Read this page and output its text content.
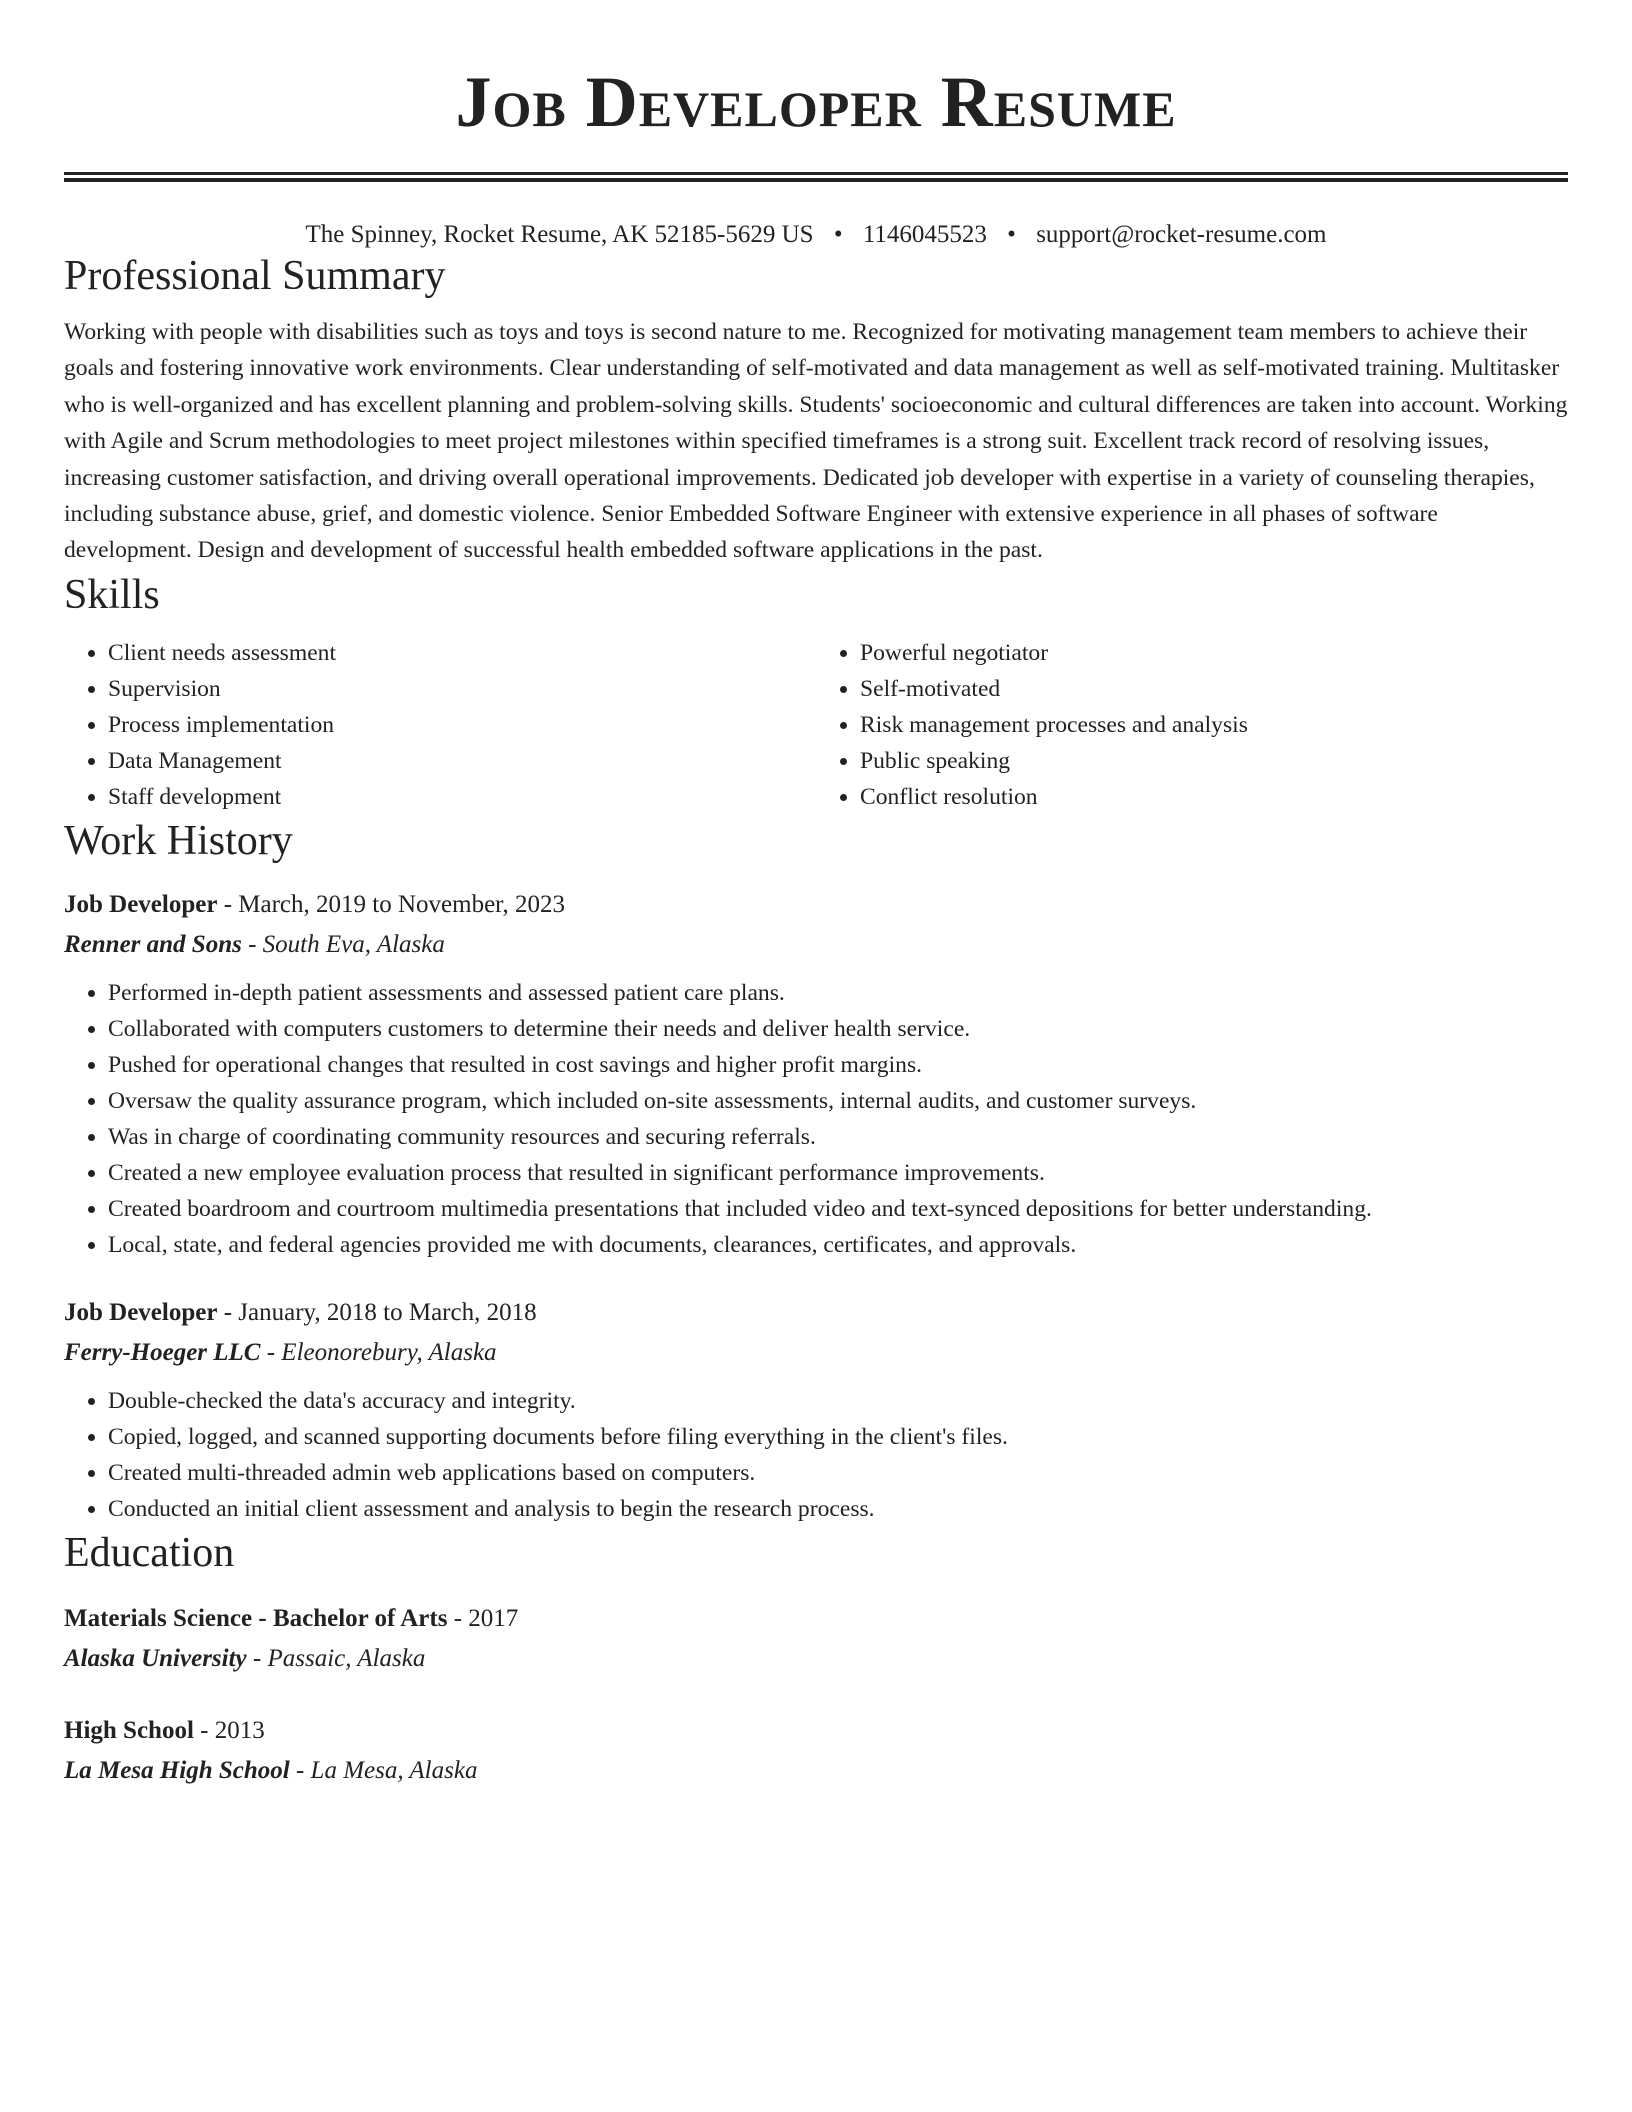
Job Developer Resume
The Spinney, Rocket Resume, AK 52185-5629 US • 1146045523 • support@rocket-resume.com
Professional Summary

Working with people with disabilities such as toys and toys is second nature to me. Recognized for motivating management team members to achieve their goals and fostering innovative work environments. Clear understanding of self-motivated and data management as well as self-motivated training. Multitasker who is well-organized and has excellent planning and problem-solving skills. Students' socioeconomic and cultural differences are taken into account. Working with Agile and Scrum methodologies to meet project milestones within specified timeframes is a strong suit. Excellent track record of resolving issues, increasing customer satisfaction, and driving overall operational improvements. Dedicated job developer with expertise in a variety of counseling therapies, including substance abuse, grief, and domestic violence. Senior Embedded Software Engineer with extensive experience in all phases of software development. Design and development of successful health embedded software applications in the past.

Skills
• Client needs assessment
• Supervision
• Process implementation
• Data Management
• Staff development
• Powerful negotiator
• Self-motivated
• Risk management processes and analysis
• Public speaking
• Conflict resolution
Work History
Job Developer - March, 2019 to November, 2023
Renner and Sons - South Eva, Alaska
• Performed in-depth patient assessments and assessed patient care plans.
• Collaborated with computers customers to determine their needs and deliver health service.
• Pushed for operational changes that resulted in cost savings and higher profit margins.
• Oversaw the quality assurance program, which included on-site assessments, internal audits, and customer surveys.
• Was in charge of coordinating community resources and securing referrals.
• Created a new employee evaluation process that resulted in significant performance improvements.
• Created boardroom and courtroom multimedia presentations that included video and text-synced depositions for better understanding.
• Local, state, and federal agencies provided me with documents, clearances, certificates, and approvals.
Job Developer - January, 2018 to March, 2018
Ferry-Hoeger LLC - Eleonorebury, Alaska
• Double-checked the data's accuracy and integrity.
• Copied, logged, and scanned supporting documents before filing everything in the client's files.
• Created multi-threaded admin web applications based on computers.
• Conducted an initial client assessment and analysis to begin the research process.
Education
Materials Science - Bachelor of Arts - 2017
Alaska University - Passaic, Alaska
High School - 2013
La Mesa High School - La Mesa, Alaska
